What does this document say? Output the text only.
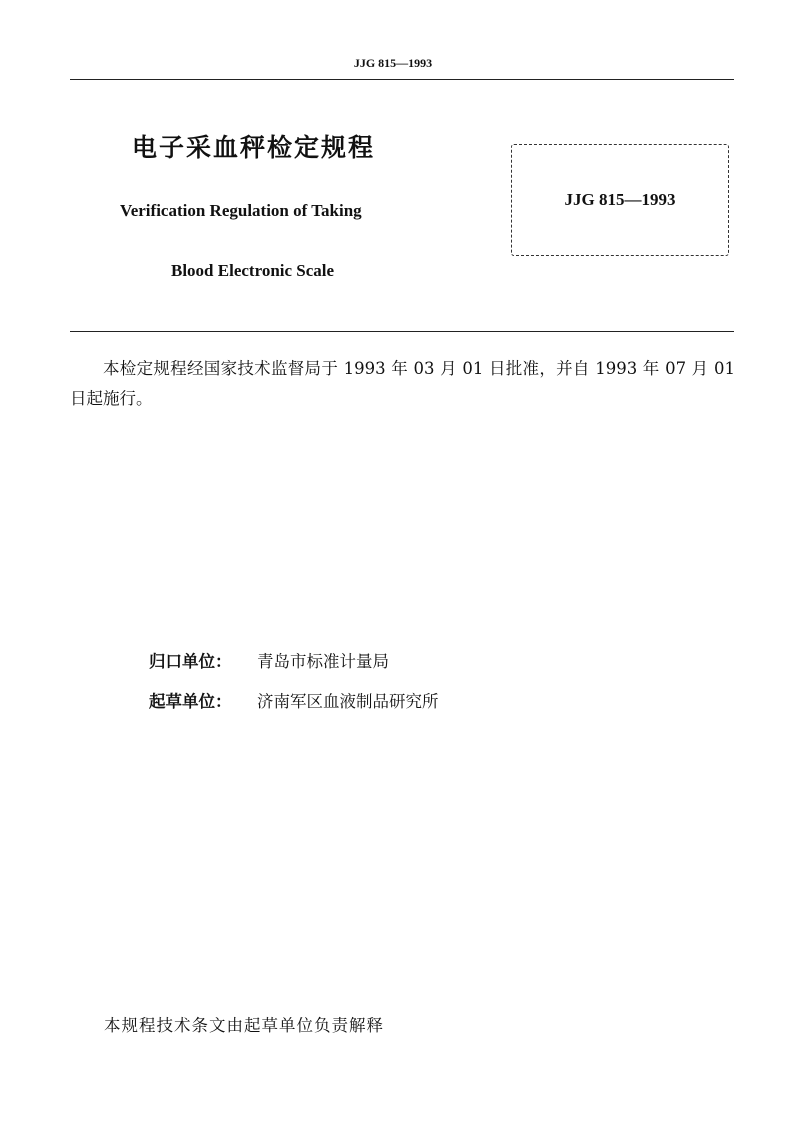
JJG 815—1993
电子采血秤检定规程
Verification Regulation of Taking
Blood Electronic Scale
JJG 815—1993
本检定规程经国家技术监督局于 1993 年 03 月 01 日批准，并自 1993 年 07 月 01 日起施行。
归口单位：	青岛市标准计量局
起草单位：	济南军区血液制品研究所
本规程技术条文由起草单位负责解释
